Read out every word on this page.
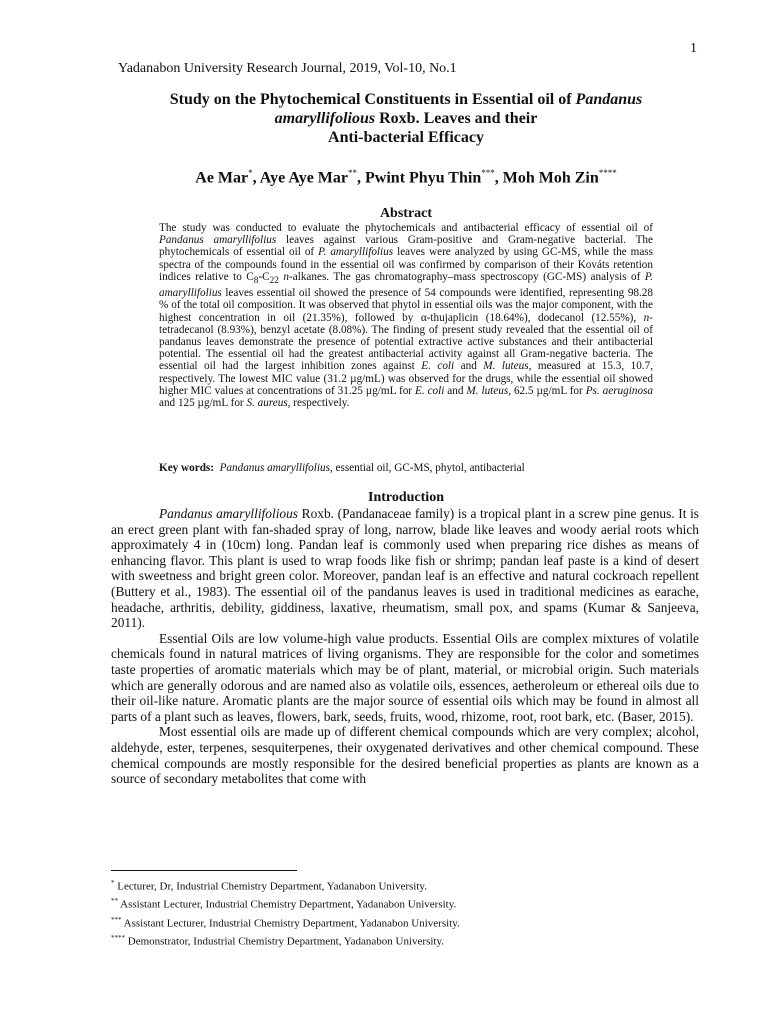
1
Yadanabon University Research Journal, 2019, Vol-10, No.1
Study on the Phytochemical Constituents in Essential oil of Pandanus
amaryllifolious Roxb. Leaves and their
Anti-bacterial Efficacy
Ae Mar*, Aye Aye Mar**, Pwint Phyu Thin***, Moh Moh Zin****
Abstract
The study was conducted to evaluate the phytochemicals and antibacterial efficacy of essential oil of Pandanus amaryllifolius leaves against various Gram-positive and Gram-negative bacterial. The phytochemicals of essential oil of P. amaryllifolius leaves were analyzed by using GC-MS, while the mass spectra of the compounds found in the essential oil was confirmed by comparison of their Kováts retention indices relative to $C_8-C_{22}$ n-alkanes. The gas chromatography–mass spectroscopy (GC-MS) analysis of P. amaryllifolius leaves essential oil showed the presence of 54 compounds were identified, representing 98.28 % of the total oil composition. It was observed that phytol in essential oils was the major component, with the highest concentration in oil (21.35%), followed by α-thujaplicin (18.64%), dodecanol (12.55%), n-tetradecanol (8.93%), benzyl acetate (8.08%). The finding of present study revealed that the essential oil of pandanus leaves demonstrate the presence of potential extractive active substances and their antibacterial potential. The essential oil had the greatest antibacterial activity against all Gram-negative bacteria. The essential oil had the largest inhibition zones against E. coli and M. luteus, measured at 15.3, 10.7, respectively. The lowest MIC value (31.2 µg/mL) was observed for the drugs, while the essential oil showed higher MIC values at concentrations of 31.25 µg/mL for E. coli and M. luteus, 62.5 µg/mL for Ps. aeruginosa and 125 µg/mL for S. aureus, respectively.
Key words: Pandanus amaryllifolius, essential oil, GC-MS, phytol, antibacterial
Introduction

Pandanus amaryllifolious Roxb. (Pandanaceae family) is a tropical plant in a screw pine genus. It is an erect green plant with fan-shaded spray of long, narrow, blade like leaves and woody aerial roots which approximately 4 in (10cm) long. Pandan leaf is commonly used when preparing rice dishes as means of enhancing flavor. This plant is used to wrap foods like fish or shrimp; pandan leaf paste is a kind of desert with sweetness and bright green color. Moreover, pandan leaf is an effective and natural cockroach repellent (Buttery et al., 1983). The essential oil of the pandanus leaves is used in traditional medicines as earache, headache, arthritis, debility, giddiness, laxative, rheumatism, small pox, and spams (Kumar & Sanjeeva, 2011).

Essential Oils are low volume-high value products. Essential Oils are complex mixtures of volatile chemicals found in natural matrices of living organisms. They are responsible for the color and sometimes taste properties of aromatic materials which may be of plant, material, or microbial origin. Such materials which are generally odorous and are named also as volatile oils, essences, aetheroleum or ethereal oils due to their oil-like nature. Aromatic plants are the major source of essential oils which may be found in almost all parts of a plant such as leaves, flowers, bark, seeds, fruits, wood, rhizome, root, root bark, etc. (Baser, 2015).

Most essential oils are made up of different chemical compounds which are very complex; alcohol, aldehyde, ester, terpenes, sesquiterpenes, their oxygenated derivatives and other chemical compound. These chemical compounds are mostly responsible for the desired beneficial properties as plants are known as a source of secondary metabolites that come with

* Lecturer, Dr, Industrial Chemistry Department, Yadanabon University.
** Assistant Lecturer, Industrial Chemistry Department, Yadanabon University.
*** Assistant Lecturer, Industrial Chemistry Department, Yadanabon University.
**** Demonstrator, Industrial Chemistry Department, Yadanabon University.
